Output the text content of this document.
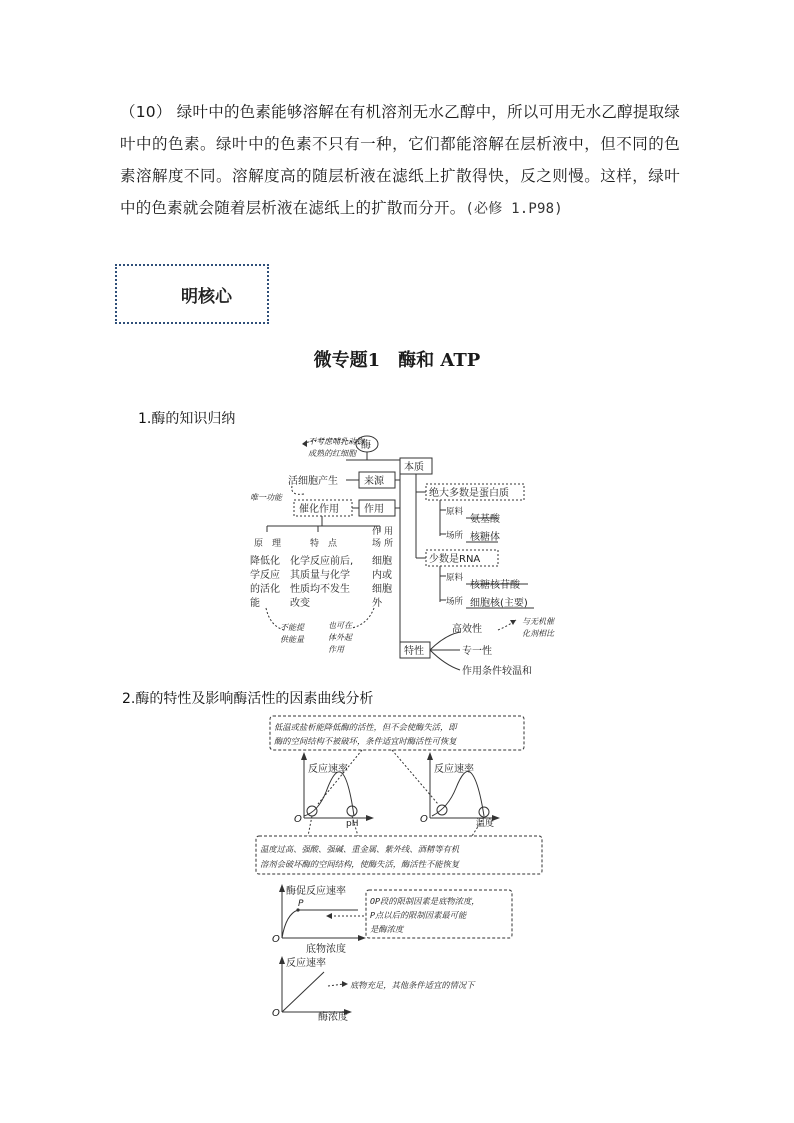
（10） 绿叶中的色素能够溶解在有机溶剂无水乙醇中，所以可用无水乙醇提取绿叶中的色素。绿叶中的色素不只有一种，它们都能溶解在层析液中，但不同的色素溶解度不同。溶解度高的随层析液在滤纸上扩散得快，反之则慢。这样，绿叶中的色素就会随着层析液在滤纸上的扩散而分开。(必修 1.P98)
明核心
微专题1　酶和 ATP
1.酶的知识归纳
酶
本质
绝大多数是蛋白质
原料
场所
氨基酸
核糖体
少数是RNA
原料
场所
核糖核苷酸
细胞核(主要)
来源
活细胞产生
不考虑哺乳动物
成熟的红细胞
作用
催化作用
唯一功能
原　理
降低化
学反应
的活化
能
特　点
化学反应前后,
其质量与化学
性质均不发生
改变
作 用
场 所
细胞
内或
细胞
外
不能提
供能量
也可在
体外起
作用	特性
高效性
与无机催
化剂相比
专一性
作用条件较温和
2.酶的特性及影响酶活性的因素曲线分析
低温或盐析能降低酶的活性，但不会使酶失活，即
酶的空间结构不被破坏，条件适宜时酶活性可恢复
反应速率
O	pH
反应速率
O	温度
温度过高、强酸、强碱、重金属、紫外线、酒精等有机
溶剂会破坏酶的空间结构，使酶失活，酶活性不能恢复
酶促反应速率
P
O
底物浓度
OP段的限制因素是底物浓度，
P点以后的限制因素最可能
是酶浓度
反应速率
O	酶浓度
底物充足，其他条件适宜的情况下
